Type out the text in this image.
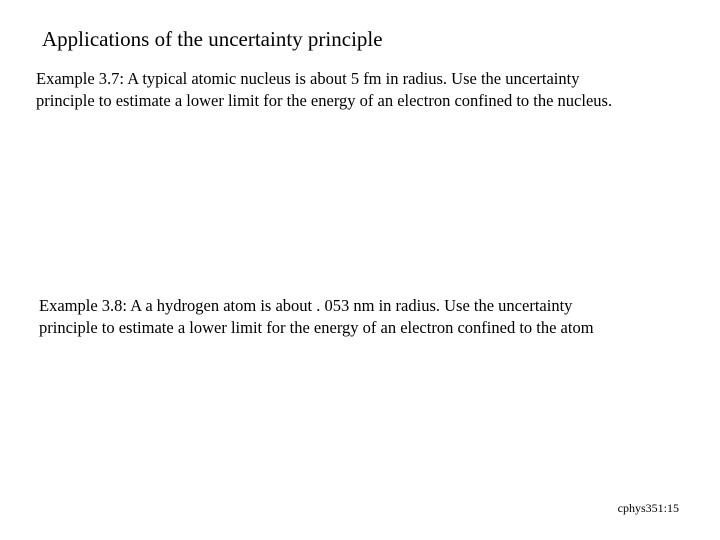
Applications of the uncertainty principle
Example 3.7: A typical atomic nucleus is about 5 fm in radius. Use the uncertainty
principle to estimate a lower limit for the energy of an electron confined to the nucleus.
Example 3.8: A a hydrogen atom is about . 053 nm in radius. Use the uncertainty
principle to estimate a lower limit for the energy of an electron confined to the atom
cphys351:15
